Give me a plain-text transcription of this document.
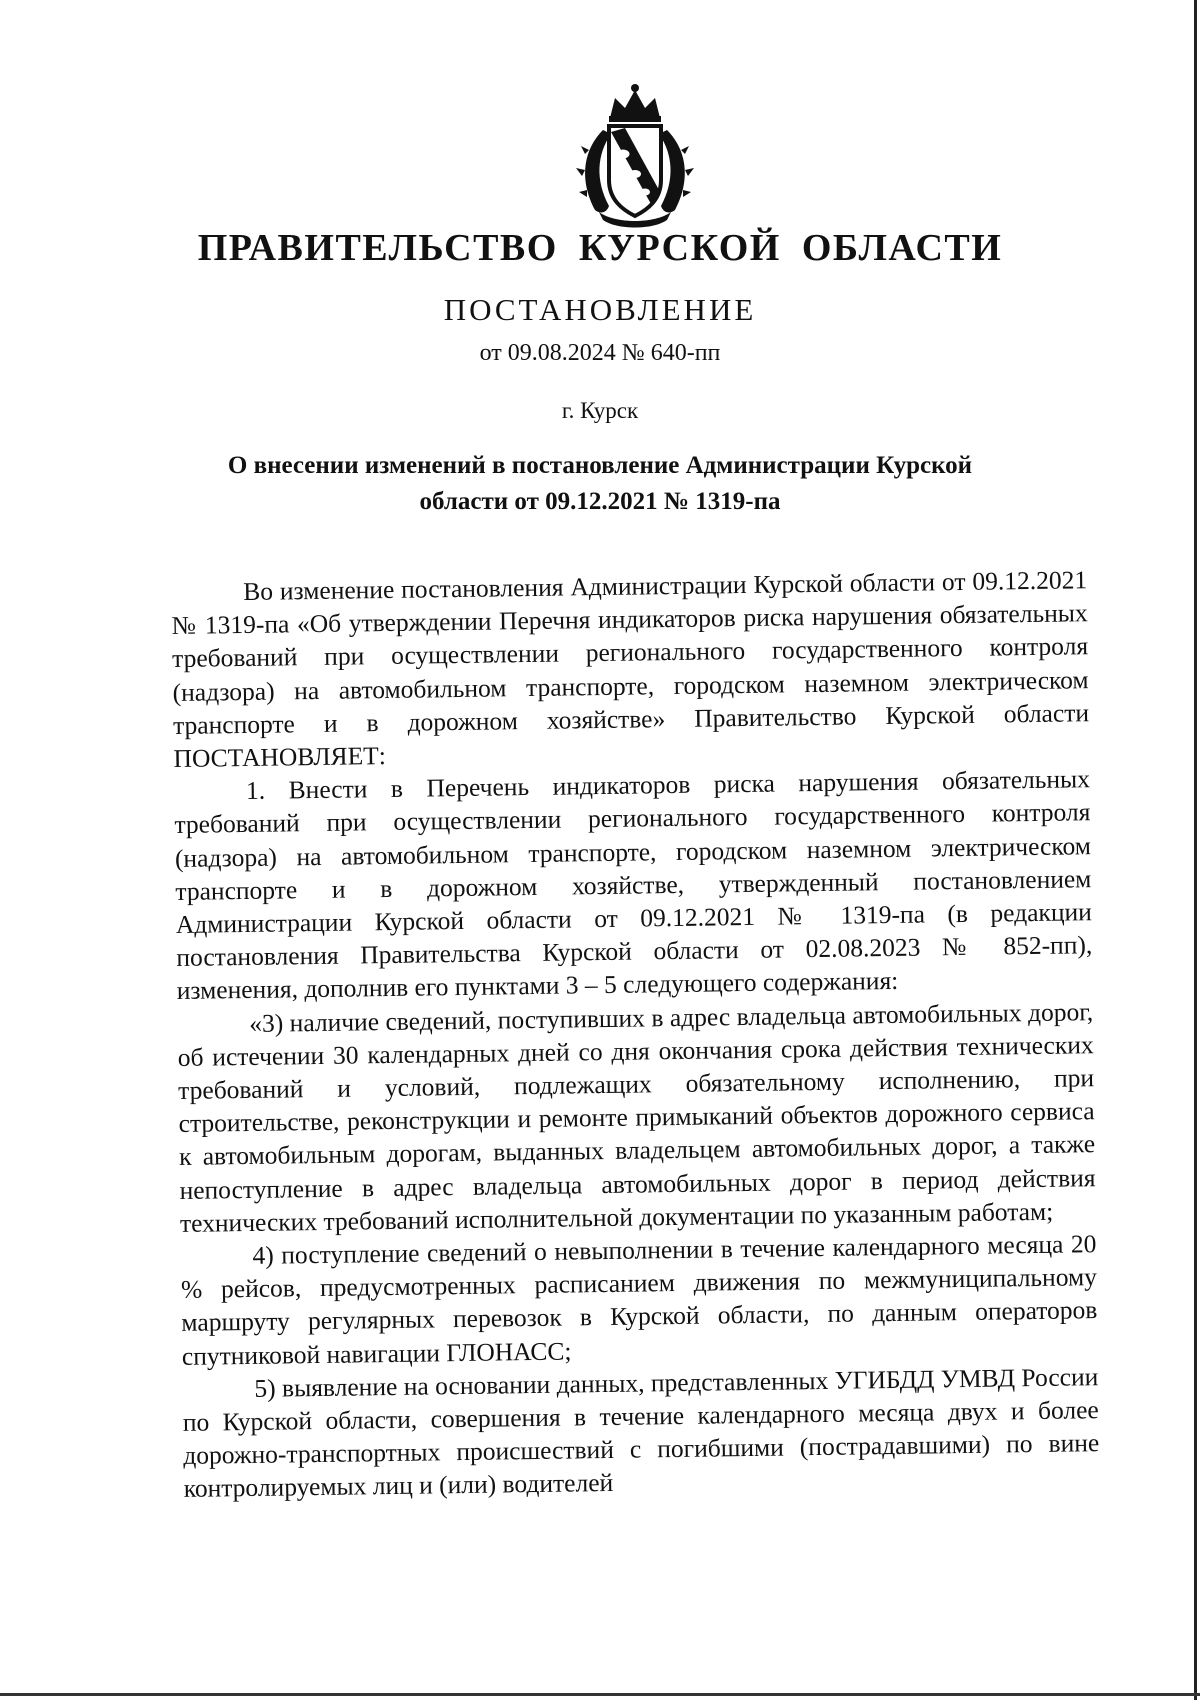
ПРАВИТЕЛЬСТВО КУРСКОЙ ОБЛАСТИ
ПОСТАНОВЛЕНИЕ
от 09.08.2024 № 640-пп
г. Курск
О внесении изменений в постановление Администрации Курской
области от 09.12.2021 № 1319-па

Во изменение постановления Администрации Курской области от 09.12.2021 № 1319-па «Об утверждении Перечня индикаторов риска нарушения обязательных требований при осуществлении регионального государственного контроля (надзора) на автомобильном транспорте, городском наземном электрическом транспорте и в дорожном хозяйстве» Правительство Курской области ПОСТАНОВЛЯЕТ:

1. Внести в Перечень индикаторов риска нарушения обязательных требований при осуществлении регионального государственного контроля (надзора) на автомобильном транспорте, городском наземном электрическом транспорте и в дорожном хозяйстве, утвержденный постановлением Администрации Курской области от 09.12.2021 № 1319-па (в редакции постановления Правительства Курской области от 02.08.2023 № 852-пп), изменения, дополнив его пунктами 3 – 5 следующего содержания:

«3) наличие сведений, поступивших в адрес владельца автомобильных дорог, об истечении 30 календарных дней со дня окончания срока действия технических требований и условий, подлежащих обязательному исполнению, при строительстве, реконструкции и ремонте примыканий объектов дорожного сервиса к автомобильным дорогам, выданных владельцем автомобильных дорог, а также непоступление в адрес владельца автомобильных дорог в период действия технических требований исполнительной документации по указанным работам;

4) поступление сведений о невыполнении в течение календарного месяца 20 % рейсов, предусмотренных расписанием движения по межмуниципальному маршруту регулярных перевозок в Курской области, по данным операторов спутниковой навигации ГЛОНАСС;

5) выявление на основании данных, представленных УГИБДД УМВД России по Курской области, совершения в течение календарного месяца двух и более дорожно-транспортных происшествий с погибшими (пострадавшими) по вине контролируемых лиц и (или) водителей
